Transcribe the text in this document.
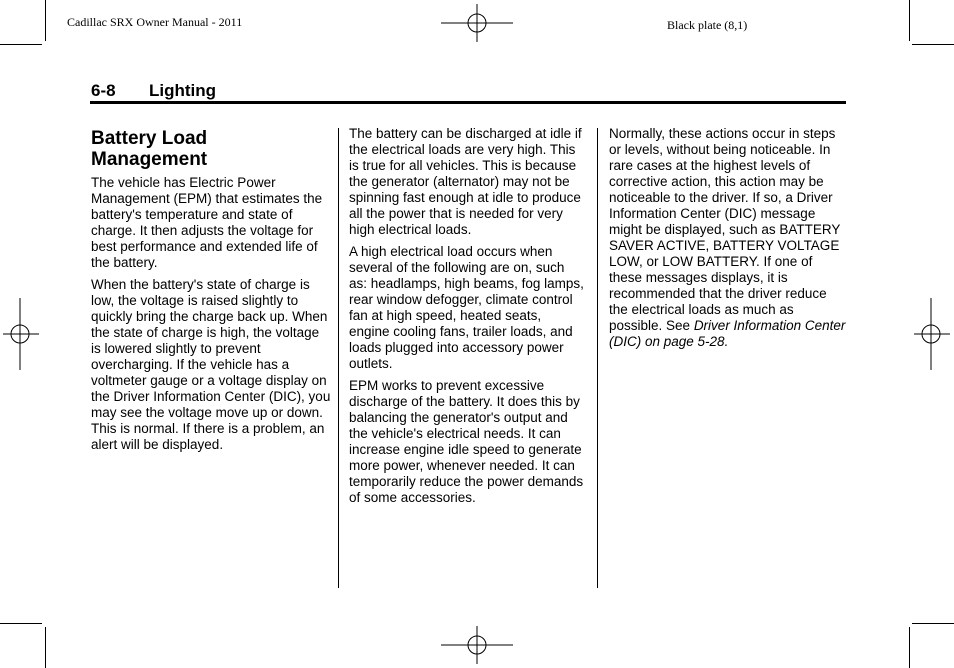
Cadillac SRX Owner Manual - 2011	Black plate (8,1)
6-8 Lighting
Battery Load
Management

The vehicle has Electric Power Management (EPM) that estimates the battery's temperature and state of charge. It then adjusts the voltage for best performance and extended life of the battery.

When the battery's state of charge is low, the voltage is raised slightly to quickly bring the charge back up. When the state of charge is high, the voltage is lowered slightly to prevent overcharging. If the vehicle has a voltmeter gauge or a voltage display on the Driver Information Center (DIC), you may see the voltage move up or down. This is normal. If there is a problem, an alert will be displayed.

The battery can be discharged at idle if the electrical loads are very high. This is true for all vehicles. This is because the generator (alternator) may not be spinning fast enough at idle to produce all the power that is needed for very high electrical loads.

A high electrical load occurs when several of the following are on, such as: headlamps, high beams, fog lamps, rear window defogger, climate control fan at high speed, heated seats, engine cooling fans, trailer loads, and loads plugged into accessory power outlets.

EPM works to prevent excessive discharge of the battery. It does this by balancing the generator's output and the vehicle's electrical needs. It can increase engine idle speed to generate more power, whenever needed. It can temporarily reduce the power demands of some accessories.

Normally, these actions occur in steps or levels, without being noticeable. In rare cases at the highest levels of corrective action, this action may be noticeable to the driver. If so, a Driver Information Center (DIC) message might be displayed, such as BATTERY SAVER ACTIVE, BATTERY VOLTAGE LOW, or LOW BATTERY. If one of these messages displays, it is recommended that the driver reduce the electrical loads as much as possible. See Driver Information Center (DIC) on page 5-28.
